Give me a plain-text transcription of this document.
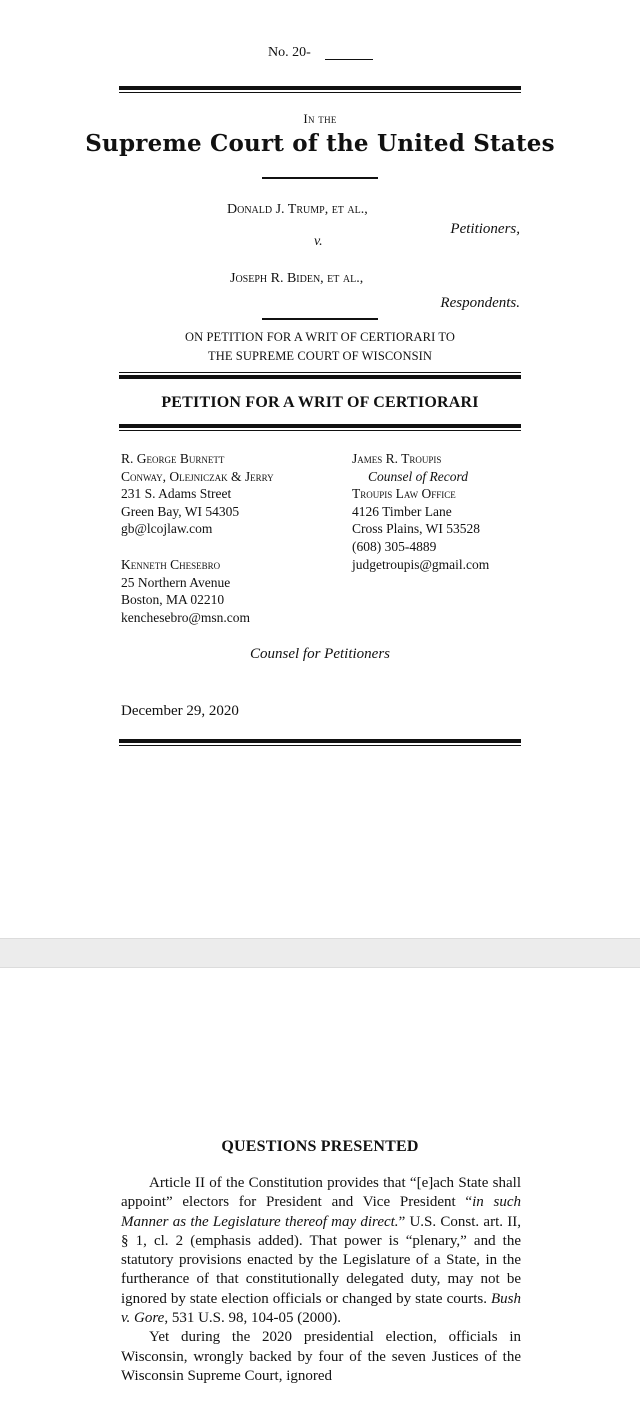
No. 20-
In the
Supreme Court of the United States
Donald J. Trump, et al.,
Petitioners,
v.
Joseph R. Biden, et al.,
Respondents.
ON PETITION FOR A WRIT OF CERTIORARI TO
THE SUPREME COURT OF WISCONSIN
PETITION FOR A WRIT OF CERTIORARI
R. George Burnett
Conway, Olejniczak & Jerry
231 S. Adams Street
Green Bay, WI 54305
gb@lcojlaw.com
Kenneth Chesebro
25 Northern Avenue
Boston, MA 02210
kenchesebro@msn.com
James R. Troupis
Counsel of Record
Troupis Law Office
4126 Timber Lane
Cross Plains, WI 53528
(608) 305-4889
judgetroupis@gmail.com
Counsel for Petitioners
December 29, 2020
QUESTIONS PRESENTED

Article II of the Constitution provides that “[e]ach State shall appoint” electors for President and Vice President “in such Manner as the Legislature thereof may direct.” U.S. Const. art. II, § 1, cl. 2 (emphasis added). That power is “plenary,” and the statutory provisions enacted by the Legislature of a State, in the furtherance of that constitutionally delegated duty, may not be ignored by state election officials or changed by state courts. Bush v. Gore, 531 U.S. 98, 104-05 (2000).

Yet during the 2020 presidential election, officials in Wisconsin, wrongly backed by four of the seven Justices of the Wisconsin Supreme Court, ignored
